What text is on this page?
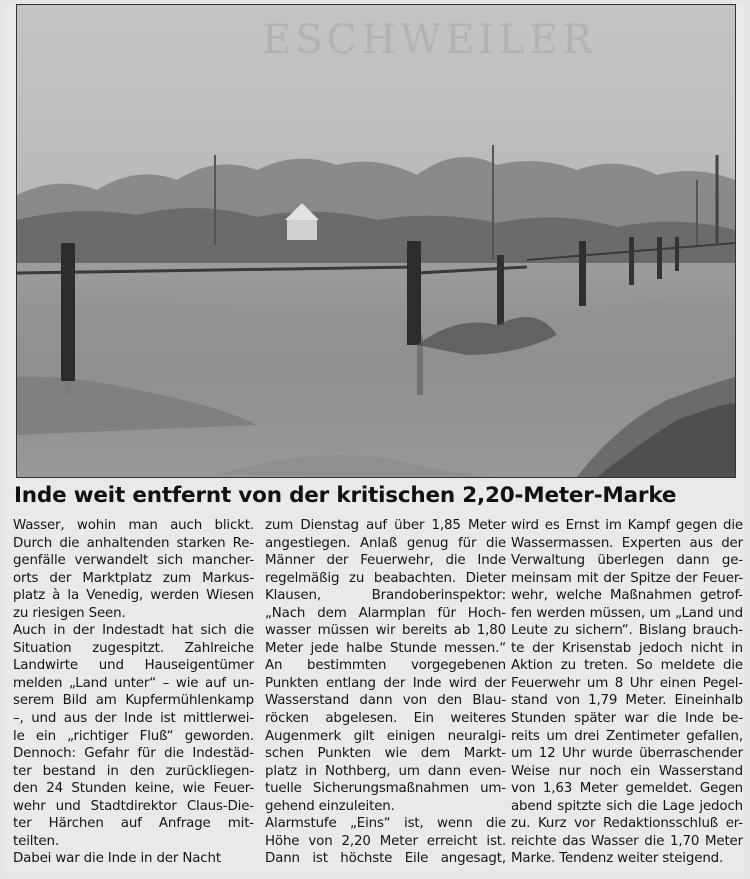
ESCHWEILER
Inde weit entfernt von der kritischen 2,20-Meter-Marke
Wasser, wohin man auch blickt.
Durch die anhaltenden starken Re-
genfälle verwandelt sich mancher-
orts der Marktplatz zum Markus-
platz à la Venedig, werden Wiesen
zu riesigen Seen.
Auch in der Indestadt hat sich die
Situation zugespitzt. Zahlreiche
Landwirte und Hauseigentümer
melden „Land unter“ – wie auf un-
serem Bild am Kupfermühlenkamp
–, und aus der Inde ist mittlerwei-
le ein „richtiger Fluß“ geworden.
Dennoch: Gefahr für die Indestäd-
ter bestand in den zurückliegen-
den 24 Stunden keine, wie Feuer-
wehr und Stadtdirektor Claus-Die-
ter Härchen auf Anfrage mit-
teilten.
Dabei war die Inde in der Nacht
zum Dienstag auf über 1,85 Meter
angestiegen. Anlaß genug für die
Männer der Feuerwehr, die Inde
regelmäßig zu beabachten. Dieter
Klausen, Brandoberinspektor:
„Nach dem Alarmplan für Hoch-
wasser müssen wir bereits ab 1,80
Meter jede halbe Stunde messen.“
An bestimmten vorgegebenen
Punkten entlang der Inde wird der
Wasserstand dann von den Blau-
röcken abgelesen. Ein weiteres
Augenmerk gilt einigen neuralgi-
schen Punkten wie dem Markt-
platz in Nothberg, um dann even-
tuelle Sicherungsmaßnahmen um-
gehend einzuleiten.
Alarmstufe „Eins“ ist, wenn die
Höhe von 2,20 Meter erreicht ist.
Dann ist höchste Eile angesagt,
wird es Ernst im Kampf gegen die
Wassermassen. Experten aus der
Verwaltung überlegen dann ge-
meinsam mit der Spitze der Feuer-
wehr, welche Maßnahmen getrof-
fen werden müssen, um „Land und
Leute zu sichern“. Bislang brauch-
te der Krisenstab jedoch nicht in
Aktion zu treten. So meldete die
Feuerwehr um 8 Uhr einen Pegel-
stand von 1,79 Meter. Eineinhalb
Stunden später war die Inde be-
reits um drei Zentimeter gefallen,
um 12 Uhr wurde überraschender
Weise nur noch ein Wasserstand
von 1,63 Meter gemeldet. Gegen
abend spitzte sich die Lage jedoch
zu. Kurz vor Redaktionsschluß er-
reichte das Wasser die 1,70 Meter
Marke. Tendenz weiter steigend.
